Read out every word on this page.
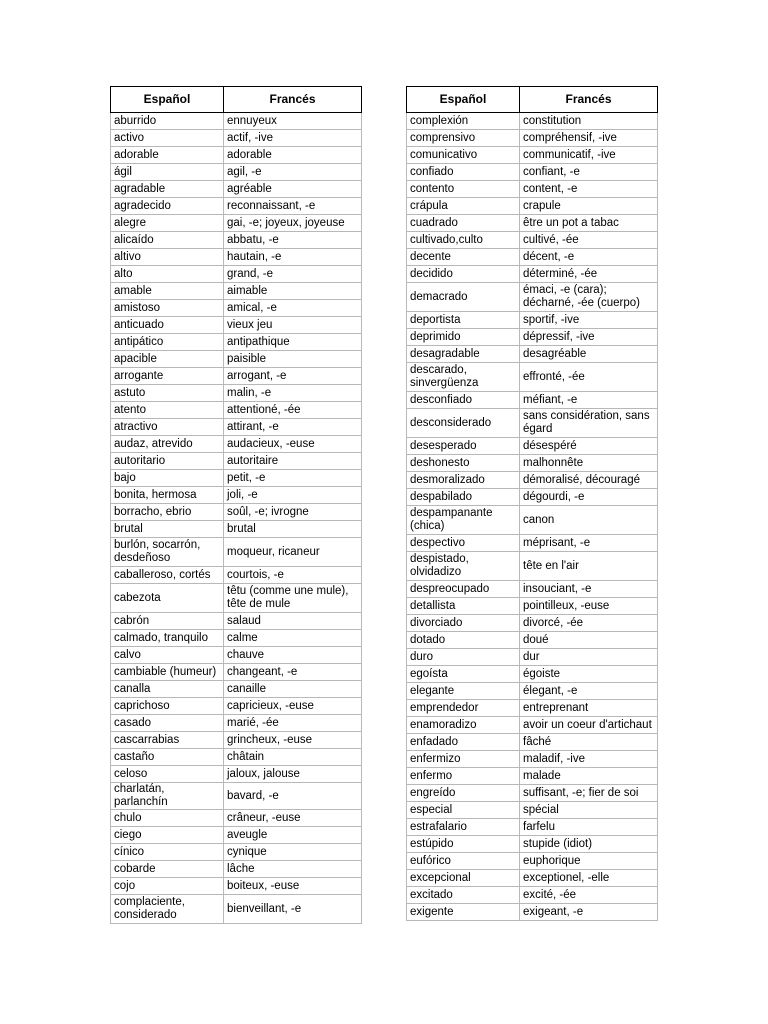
Español	Francés
aburrido	ennuyeux
activo	actif, -ive
adorable	adorable
ágil	agil, -e
agradable	agréable
agradecido	reconnaissant, -e
alegre	gai, -e; joyeux, joyeuse
alicaído	abbatu, -e
altivo	hautain, -e
alto	grand, -e
amable	aimable
amistoso	amical, -e
anticuado	vieux jeu
antipático	antipathique
apacible	paisible
arrogante	arrogant, -e
astuto	malin, -e
atento	attentioné, -ée
atractivo	attirant, -e
audaz, atrevido	audacieux, -euse
autoritario	autoritaire
bajo	petit, -e
bonita, hermosa	joli, -e
borracho, ebrio	soûl, -e; ivrogne
brutal	brutal
burlón, socarrón, desdeñoso	moqueur, ricaneur
caballeroso, cortés	courtois, -e
cabezota	têtu (comme une mule), tête de mule
cabrón	salaud
calmado, tranquilo	calme
calvo	chauve
cambiable (humeur)	changeant, -e
canalla	canaille
caprichoso	capricieux, -euse
casado	marié, -ée
cascarrabias	grincheux, -euse
castaño	châtain
celoso	jaloux, jalouse
charlatán, parlanchín	bavard, -e
chulo	crâneur, -euse
ciego	aveugle
cínico	cynique
cobarde	lâche
cojo	boiteux, -euse
complaciente, considerado	bienveillant, -e
Español	Francés
complexión	constitution
comprensivo	compréhensif, -ive
comunicativo	communicatif, -ive
confiado	confiant, -e
contento	content, -e
crápula	crapule
cuadrado	être un pot a tabac
cultivado,culto	cultivé, -ée
decente	décent, -e
decidido	déterminé, -ée
demacrado	émaci, -e (cara); décharné, -ée (cuerpo)
deportista	sportif, -ive
deprimido	dépressif, -ive
desagradable	desagréable
descarado, sinvergüenza	effronté, -ée
desconfiado	méfiant, -e
desconsiderado	sans considération, sans égard
desesperado	désespéré
deshonesto	malhonnête
desmoralizado	démoralisé, découragé
despabilado	dégourdi, -e
despampanante (chica)	canon
despectivo	méprisant, -e
despistado, olvidadizo	tête en l'air
despreocupado	insouciant, -e
detallista	pointilleux, -euse
divorciado	divorcé, -ée
dotado	doué
duro	dur
egoísta	égoiste
elegante	élegant, -e
emprendedor	entreprenant
enamoradizo	avoir un coeur d'artichaut
enfadado	fâché
enfermizo	maladif, -ive
enfermo	malade
engreído	suffisant, -e; fier de soi
especial	spécial
estrafalario	farfelu
estúpido	stupide (idiot)
eufórico	euphorique
excepcional	exceptionel, -elle
excitado	excité, -ée
exigente	exigeant, -e
